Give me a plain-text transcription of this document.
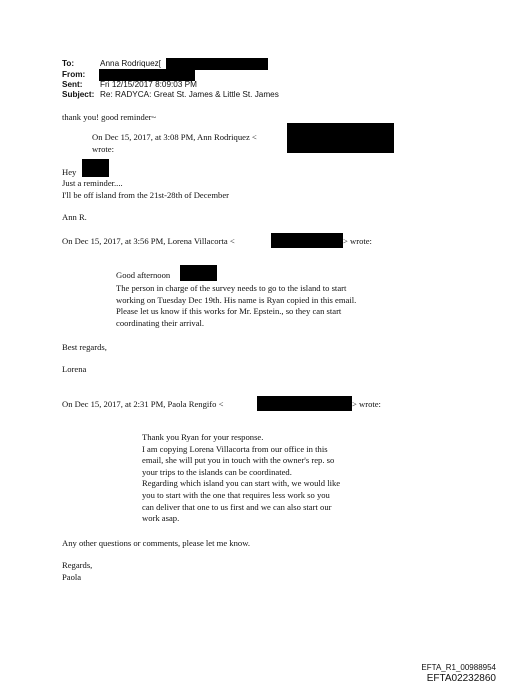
To:	Anna Rodriquez[
From:
Sent: Fri 12/15/2017 8:09:03 PM
Subject: Re: RADYCA: Great St. James & Little St. James
thank you! good reminder~
On Dec 15, 2017, at 3:08 PM, Ann Rodriquez <
wrote:
Hey
Just a reminder....
I'll be off island from the 21st-28th of December
Ann R.
On Dec 15, 2017, at 3:56 PM, Lorena Villacorta <	> wrote:
Good afternoon
The person in charge of the survey needs to go to the island to start
working on Tuesday Dec 19th. His name is Ryan copied in this email.
Please let us know if this works for Mr. Epstein., so they can start
coordinating their arrival.
Best regards,
Lorena
On Dec 15, 2017, at 2:31 PM, Paola Rengifo <	> wrote:
Thank you Ryan for your response.
I am copying Lorena Villacorta from our office in this
email, she will put you in touch with the owner's rep. so
your trips to the islands can be coordinated.
Regarding which island you can start with, we would like
you to start with the one that requires less work so you
can deliver that one to us first and we can also start our
work asap.
Any other questions or comments, please let me know.
Regards,
Paola
EFTA_R1_00988954
EFTA02232860
